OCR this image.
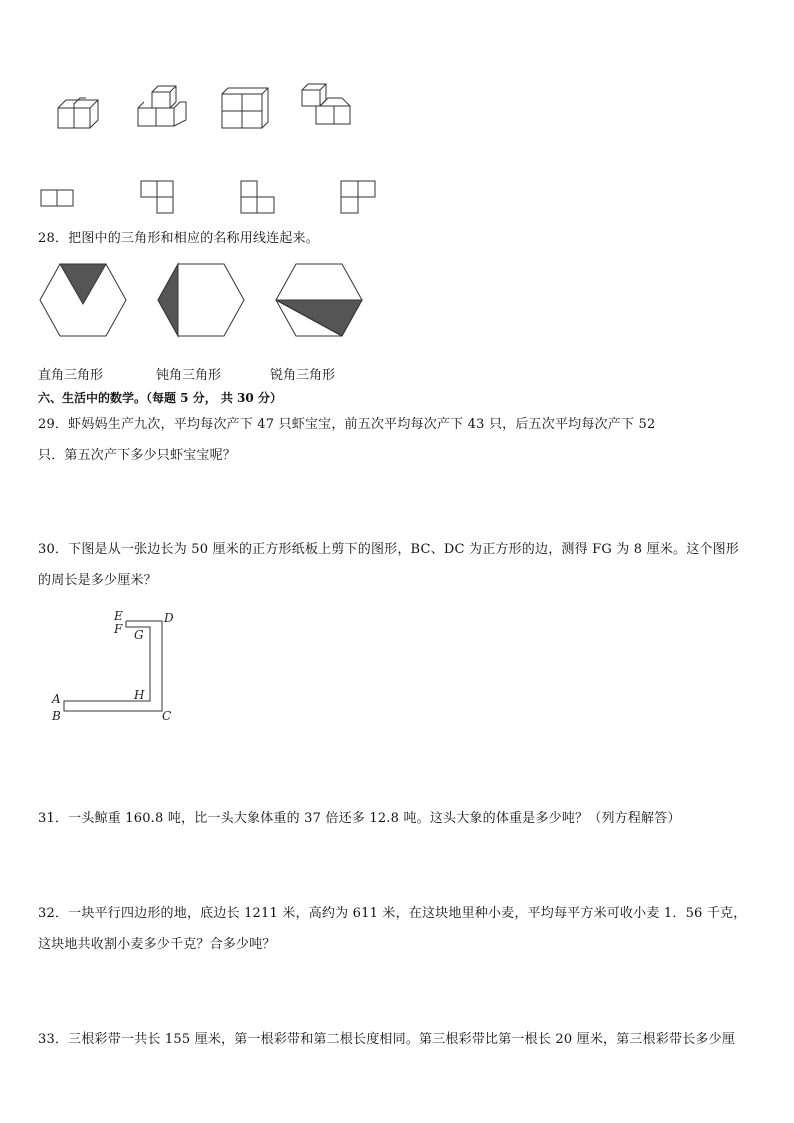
28．把图中的三角形和相应的名称用线连起来。
直角三角形	钝角三角形	锐角三角形
六、生活中的数学。（每题 5 分， 共 30 分）
29．虾妈妈生产九次，平均每次产下 47 只虾宝宝，前五次平均每次产下 43 只，后五次平均每次产下 52
只．第五次产下多少只虾宝宝呢？
30．下图是从一张边长为 50 厘米的正方形纸板上剪下的图形，BC、DC 为正方形的边，测得 FG 为 8 厘米。这个图形
的周长是多少厘米？
E
F G
D
A
B
H
C
31．一头鲸重 160.8 吨，比一头大象体重的 37 倍还多 12.8 吨。这头大象的体重是多少吨？（列方程解答）
32．一块平行四边形的地，底边长 1211 米，高约为 611 米，在这块地里种小麦，平均每平方米可收小麦 1．56 千克，
这块地共收割小麦多少千克？合多少吨？
33．三根彩带一共长 155 厘米，第一根彩带和第二根长度相同。第三根彩带比第一根长 20 厘米，第三根彩带长多少厘
